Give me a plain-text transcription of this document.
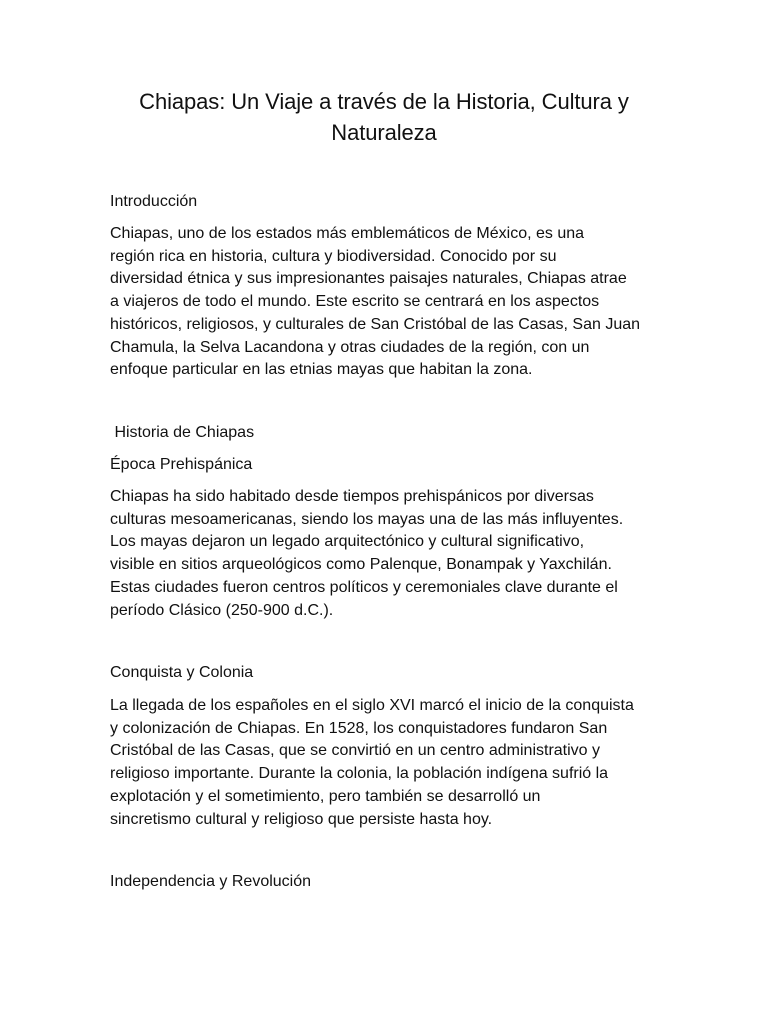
Chiapas: Un Viaje a través de la Historia, Cultura y
Naturaleza
Introducción
Chiapas, uno de los estados más emblemáticos de México, es una
región rica en historia, cultura y biodiversidad. Conocido por su
diversidad étnica y sus impresionantes paisajes naturales, Chiapas atrae
a viajeros de todo el mundo. Este escrito se centrará en los aspectos
históricos, religiosos, y culturales de San Cristóbal de las Casas, San Juan
Chamula, la Selva Lacandona y otras ciudades de la región, con un
enfoque particular en las etnias mayas que habitan la zona.
Historia de Chiapas
Época Prehispánica
Chiapas ha sido habitado desde tiempos prehispánicos por diversas
culturas mesoamericanas, siendo los mayas una de las más influyentes.
Los mayas dejaron un legado arquitectónico y cultural significativo,
visible en sitios arqueológicos como Palenque, Bonampak y Yaxchilán.
Estas ciudades fueron centros políticos y ceremoniales clave durante el
período Clásico (250-900 d.C.).
Conquista y Colonia
La llegada de los españoles en el siglo XVI marcó el inicio de la conquista
y colonización de Chiapas. En 1528, los conquistadores fundaron San
Cristóbal de las Casas, que se convirtió en un centro administrativo y
religioso importante. Durante la colonia, la población indígena sufrió la
explotación y el sometimiento, pero también se desarrolló un
sincretismo cultural y religioso que persiste hasta hoy.
Independencia y Revolución
